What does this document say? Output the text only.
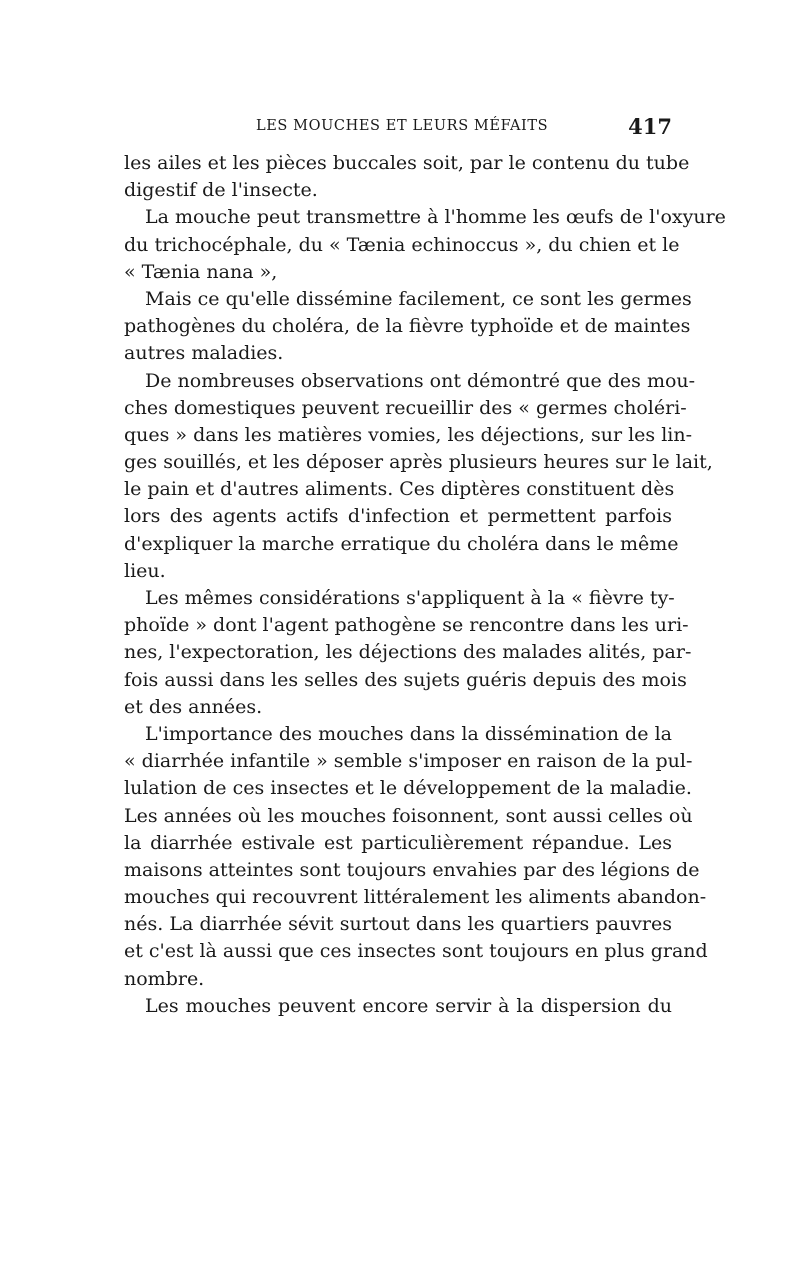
LES MOUCHES ET LEURS MÉFAITS	417
les ailes et les pièces buccales soit, par le contenu du tube
digestif de l'insecte.
La mouche peut transmettre à l'homme les œufs de l'oxyure
du trichocéphale, du « Tænia echinoccus », du chien et le
« Tænia nana »,
Mais ce qu'elle dissémine facilement, ce sont les germes
pathogènes du choléra, de la fièvre typhoïde et de maintes
autres maladies.
De nombreuses observations ont démontré que des mou-
ches domestiques peuvent recueillir des « germes choléri-
ques » dans les matières vomies, les déjections, sur les lin-
ges souillés, et les déposer après plusieurs heures sur le lait,
le pain et d'autres aliments. Ces diptères constituent dès
lors des agents actifs d'infection et permettent parfois
d'expliquer la marche erratique du choléra dans le même
lieu.
Les mêmes considérations s'appliquent à la « fièvre ty-
phoïde » dont l'agent pathogène se rencontre dans les uri-
nes, l'expectoration, les déjections des malades alités, par-
fois aussi dans les selles des sujets guéris depuis des mois
et des années.
L'importance des mouches dans la dissémination de la
« diarrhée infantile » semble s'imposer en raison de la pul-
lulation de ces insectes et le développement de la maladie.
Les années où les mouches foisonnent, sont aussi celles où
la diarrhée estivale est particulièrement répandue. Les
maisons atteintes sont toujours envahies par des légions de
mouches qui recouvrent littéralement les aliments abandon-
nés. La diarrhée sévit surtout dans les quartiers pauvres
et c'est là aussi que ces insectes sont toujours en plus grand
nombre.
Les mouches peuvent encore servir à la dispersion du
